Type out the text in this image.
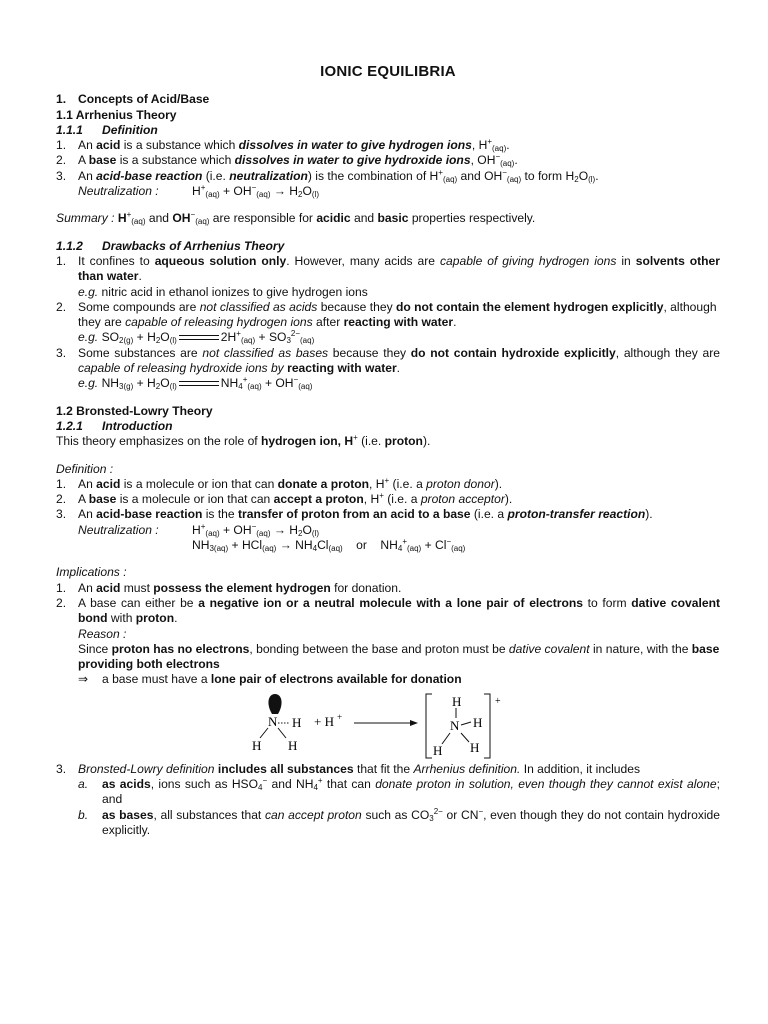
IONIC EQUILIBRIA
1. Concepts of Acid/Base
1.1 Arrhenius Theory
1.1.1	Definition
1. An acid is a substance which dissolves in water to give hydrogen ions, $H^+_{(aq)}$.
2. A base is a substance which dissolves in water to give hydroxide ions, $OH^-_{(aq)}$.
3. An acid-base reaction (i.e. neutralization) is the combination of $H^+_{(aq)}$ and $OH^-_{(aq)}$ to form $H_2O_{(l)}$.
Neutralization :	$H^+_{(aq)} + OH^-_{(aq)} \to H_2O_{(l)}$
Summary : $H^+_{(aq)}$ and $OH^-_{(aq)}$ are responsible for acidic and basic properties respectively.
1.1.2	Drawbacks of Arrhenius Theory
1. It confines to aqueous solution only. However, many acids are capable of giving hydrogen ions in solvents other than water.
e.g. nitric acid in ethanol ionizes to give hydrogen ions
2. Some compounds are not classified as acids because they do not contain the element hydrogen explicitly, although they are capable of releasing hydrogen ions after reacting with water.
e.g. $SO_{2(g)} + H_2O_{(l)}$	$2H^+_{(aq)} + SO_3^{2-}_{(aq)}$
3. Some substances are not classified as bases because they do not contain hydroxide explicitly, although they are capable of releasing hydroxide ions by reacting with water.
e.g. $NH_{3(g)} + H_2O_{(l)}$	$NH_4^+_{(aq)} + OH^-_{(aq)}$
1.2 Bronsted-Lowry Theory
1.2.1	Introduction
This theory emphasizes on the role of hydrogen ion, H+ (i.e. proton).
Definition :
1. An acid is a molecule or ion that can donate a proton, H+ (i.e. a proton donor).
2. A base is a molecule or ion that can accept a proton, H+ (i.e. a proton acceptor).
3. An acid-base reaction is the transfer of proton from an acid to a base (i.e. a proton-transfer reaction).
Neutralization :	$H^+_{(aq)} + OH^-_{(aq)} \to H_2O_{(l)}$
$NH_{3(aq)} + HCl_{(aq)} \to NH_4Cl_{(aq)}$ or $NH_4^+_{(aq)} + Cl^-_{(aq)}$
Implications :
1. An acid must possess the element hydrogen for donation.
2. A base can either be a negative ion or a neutral molecule with a lone pair of electrons to form dative covalent bond with proton.
Reason :
Since proton has no electrons, bonding between the base and proton must be dative covalent in nature, with the base providing both electrons
⇒	a base must have a lone pair of electrons available for donation
N H
H H
+ H +
+
H
N H
H H
3. Bronsted-Lowry definition includes all substances that fit the Arrhenius definition. In addition, it includes
a.	as acids, ions such as $HSO_4^-$ and $NH_4^+$ that can donate proton in solution, even though they cannot exist alone; and
b.	as bases, all substances that can accept proton such as $CO_3^{2-}$ or CN−, even though they do not contain hydroxide explicitly.
